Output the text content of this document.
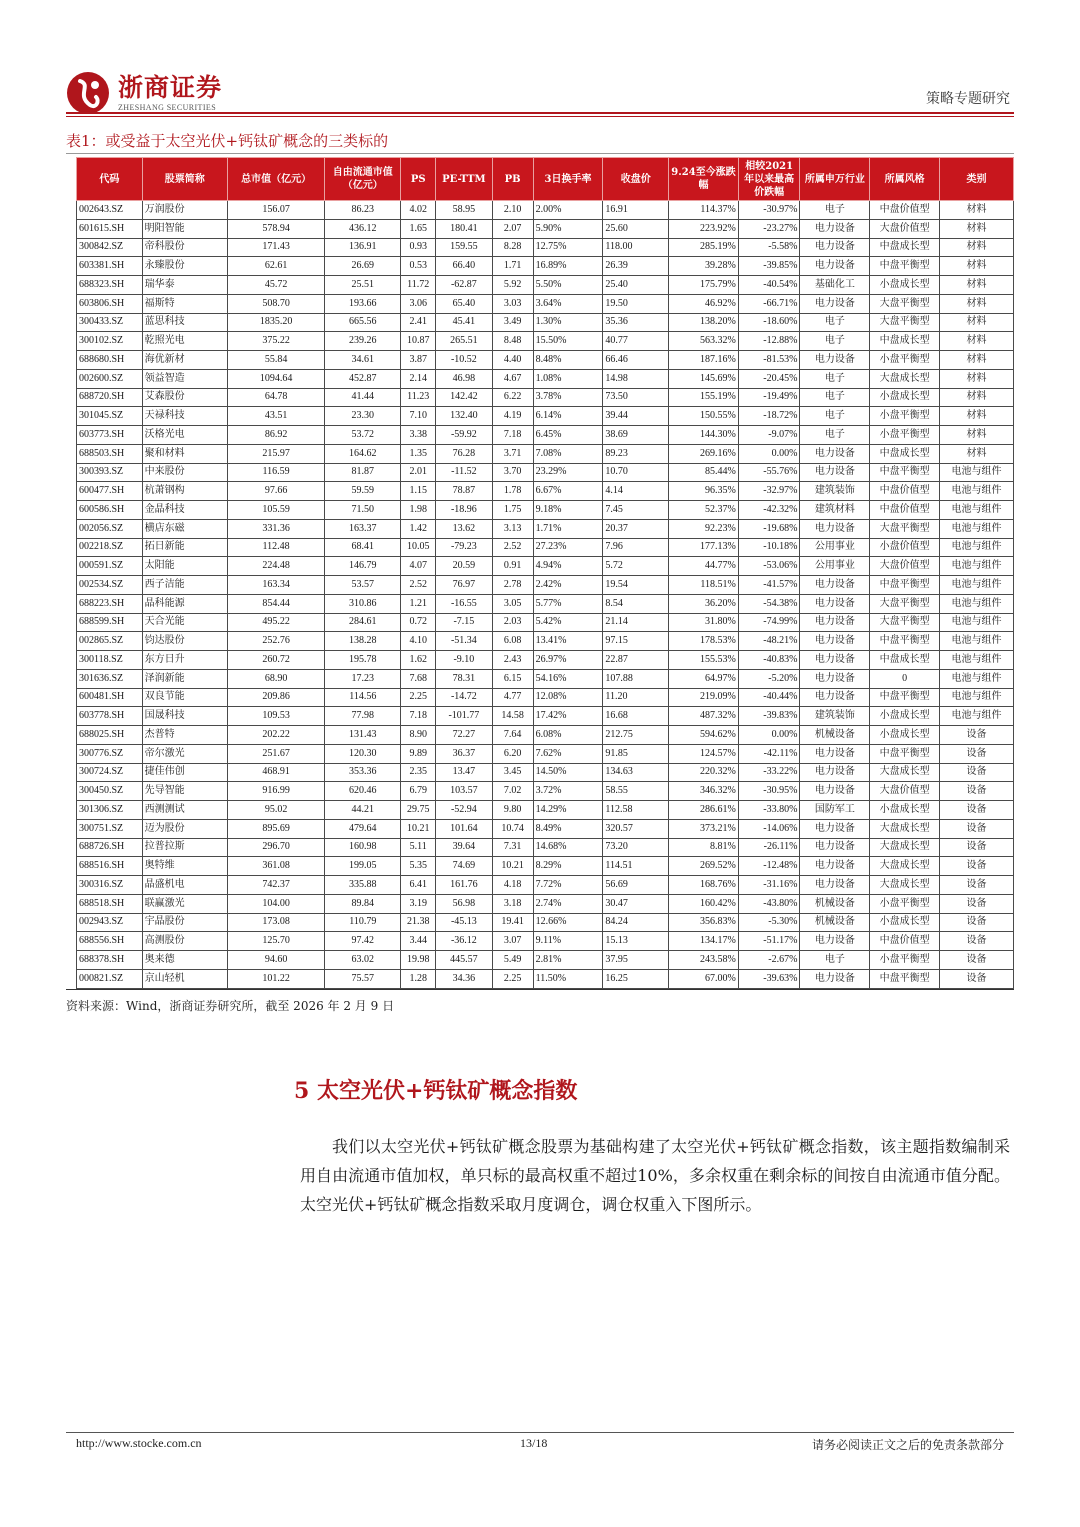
浙商证券
ZHESHANG SECURITIES
策略专题研究
表1：或受益于太空光伏+钙钛矿概念的三类标的
代码	股票简称	总市值（亿元）	自由流通市值（亿元）	PS	PE-TTM	PB	3日换手率	收盘价	9.24至今涨跌幅	相较2021年以来最高价跌幅	所属申万行业	所属风格	类别
002643.SZ	万润股份	156.07	86.23	4.02	58.95	2.10	2.00%	16.91	114.37%	-30.97%	电子	中盘价值型	材料
601615.SH	明阳智能	578.94	436.12	1.65	180.41	2.07	5.90%	25.60	223.92%	-23.27%	电力设备	大盘价值型	材料
300842.SZ	帝科股份	171.43	136.91	0.93	159.55	8.28	12.75%	118.00	285.19%	-5.58%	电力设备	中盘成长型	材料
603381.SH	永臻股份	62.61	26.69	0.53	66.40	1.71	16.89%	26.39	39.28%	-39.85%	电力设备	中盘平衡型	材料
688323.SH	瑞华泰	45.72	25.51	11.72	-62.87	5.92	5.50%	25.40	175.79%	-40.54%	基础化工	小盘成长型	材料
603806.SH	福斯特	508.70	193.66	3.06	65.40	3.03	3.64%	19.50	46.92%	-66.71%	电力设备	大盘平衡型	材料
300433.SZ	蓝思科技	1835.20	665.56	2.41	45.41	3.49	1.30%	35.36	138.20%	-18.60%	电子	大盘平衡型	材料
300102.SZ	乾照光电	375.22	239.26	10.87	265.51	8.48	15.50%	40.77	563.32%	-12.88%	电子	中盘成长型	材料
688680.SH	海优新材	55.84	34.61	3.87	-10.52	4.40	8.48%	66.46	187.16%	-81.53%	电力设备	小盘平衡型	材料
002600.SZ	领益智造	1094.64	452.87	2.14	46.98	4.67	1.08%	14.98	145.69%	-20.45%	电子	大盘成长型	材料
688720.SH	艾森股份	64.78	41.44	11.23	142.42	6.22	3.78%	73.50	155.19%	-19.49%	电子	小盘成长型	材料
301045.SZ	天禄科技	43.51	23.30	7.10	132.40	4.19	6.14%	39.44	150.55%	-18.72%	电子	小盘平衡型	材料
603773.SH	沃格光电	86.92	53.72	3.38	-59.92	7.18	6.45%	38.69	144.30%	-9.07%	电子	小盘平衡型	材料
688503.SH	聚和材料	215.97	164.62	1.35	76.28	3.71	7.08%	89.23	269.16%	0.00%	电力设备	中盘成长型	材料
300393.SZ	中来股份	116.59	81.87	2.01	-11.52	3.70	23.29%	10.70	85.44%	-55.76%	电力设备	中盘平衡型	电池与组件
600477.SH	杭萧钢构	97.66	59.59	1.15	78.87	1.78	6.67%	4.14	96.35%	-32.97%	建筑装饰	中盘价值型	电池与组件
600586.SH	金晶科技	105.59	71.50	1.98	-18.96	1.75	9.18%	7.45	52.37%	-42.32%	建筑材料	中盘价值型	电池与组件
002056.SZ	横店东磁	331.36	163.37	1.42	13.62	3.13	1.71%	20.37	92.23%	-19.68%	电力设备	大盘平衡型	电池与组件
002218.SZ	拓日新能	112.48	68.41	10.05	-79.23	2.52	27.23%	7.96	177.13%	-10.18%	公用事业	小盘价值型	电池与组件
000591.SZ	太阳能	224.48	146.79	4.07	20.59	0.91	4.94%	5.72	44.77%	-53.06%	公用事业	大盘价值型	电池与组件
002534.SZ	西子洁能	163.34	53.57	2.52	76.97	2.78	2.42%	19.54	118.51%	-41.57%	电力设备	中盘平衡型	电池与组件
688223.SH	晶科能源	854.44	310.86	1.21	-16.55	3.05	5.77%	8.54	36.20%	-54.38%	电力设备	大盘平衡型	电池与组件
688599.SH	天合光能	495.22	284.61	0.72	-7.15	2.03	5.42%	21.14	31.80%	-74.99%	电力设备	大盘平衡型	电池与组件
002865.SZ	钧达股份	252.76	138.28	4.10	-51.34	6.08	13.41%	97.15	178.53%	-48.21%	电力设备	中盘平衡型	电池与组件
300118.SZ	东方日升	260.72	195.78	1.62	-9.10	2.43	26.97%	22.87	155.53%	-40.83%	电力设备	中盘成长型	电池与组件
301636.SZ	泽润新能	68.90	17.23	7.68	78.31	6.15	54.16%	107.88	64.97%	-5.20%	电力设备	0	电池与组件
600481.SH	双良节能	209.86	114.56	2.25	-14.72	4.77	12.08%	11.20	219.09%	-40.44%	电力设备	中盘平衡型	电池与组件
603778.SH	国晟科技	109.53	77.98	7.18	-101.77	14.58	17.42%	16.68	487.32%	-39.83%	建筑装饰	小盘成长型	电池与组件
688025.SH	杰普特	202.22	131.43	8.90	72.27	7.64	6.08%	212.75	594.62%	0.00%	机械设备	小盘成长型	设备
300776.SZ	帝尔激光	251.67	120.30	9.89	36.37	6.20	7.62%	91.85	124.57%	-42.11%	电力设备	中盘平衡型	设备
300724.SZ	捷佳伟创	468.91	353.36	2.35	13.47	3.45	14.50%	134.63	220.32%	-33.22%	电力设备	大盘成长型	设备
300450.SZ	先导智能	916.99	620.46	6.79	103.57	7.02	3.72%	58.55	346.32%	-30.95%	电力设备	大盘价值型	设备
301306.SZ	西测测试	95.02	44.21	29.75	-52.94	9.80	14.29%	112.58	286.61%	-33.80%	国防军工	小盘成长型	设备
300751.SZ	迈为股份	895.69	479.64	10.21	101.64	10.74	8.49%	320.57	373.21%	-14.06%	电力设备	大盘成长型	设备
688726.SH	拉普拉斯	296.70	160.98	5.11	39.64	7.31	14.68%	73.20	8.81%	-26.11%	电力设备	大盘成长型	设备
688516.SH	奥特维	361.08	199.05	5.35	74.69	10.21	8.29%	114.51	269.52%	-12.48%	电力设备	大盘成长型	设备
300316.SZ	晶盛机电	742.37	335.88	6.41	161.76	4.18	7.72%	56.69	168.76%	-31.16%	电力设备	大盘成长型	设备
688518.SH	联赢激光	104.00	89.84	3.19	56.98	3.18	2.74%	30.47	160.42%	-43.80%	机械设备	小盘平衡型	设备
002943.SZ	宇晶股份	173.08	110.79	21.38	-45.13	19.41	12.66%	84.24	356.83%	-5.30%	机械设备	小盘成长型	设备
688556.SH	高测股份	125.70	97.42	3.44	-36.12	3.07	9.11%	15.13	134.17%	-51.17%	电力设备	中盘价值型	设备
688378.SH	奥来德	94.60	63.02	19.98	445.57	5.49	2.81%	37.95	243.58%	-2.67%	电子	小盘平衡型	设备
000821.SZ	京山轻机	101.22	75.57	1.28	34.36	2.25	11.50%	16.25	67.00%	-39.63%	电力设备	中盘平衡型	设备
资料来源：Wind，浙商证券研究所，截至 2026 年 2 月 9 日
5 太空光伏+钙钛矿概念指数

我们以太空光伏+钙钛矿概念股票为基础构建了太空光伏+钙钛矿概念指数，该主题指数编制采用自由流通市值加权，单只标的最高权重不超过10%，多余权重在剩余标的间按自由流通市值分配。太空光伏+钙钛矿概念指数采取月度调仓，调仓权重入下图所示。

http://www.stocke.com.cn	13/18	请务必阅读正文之后的免责条款部分
